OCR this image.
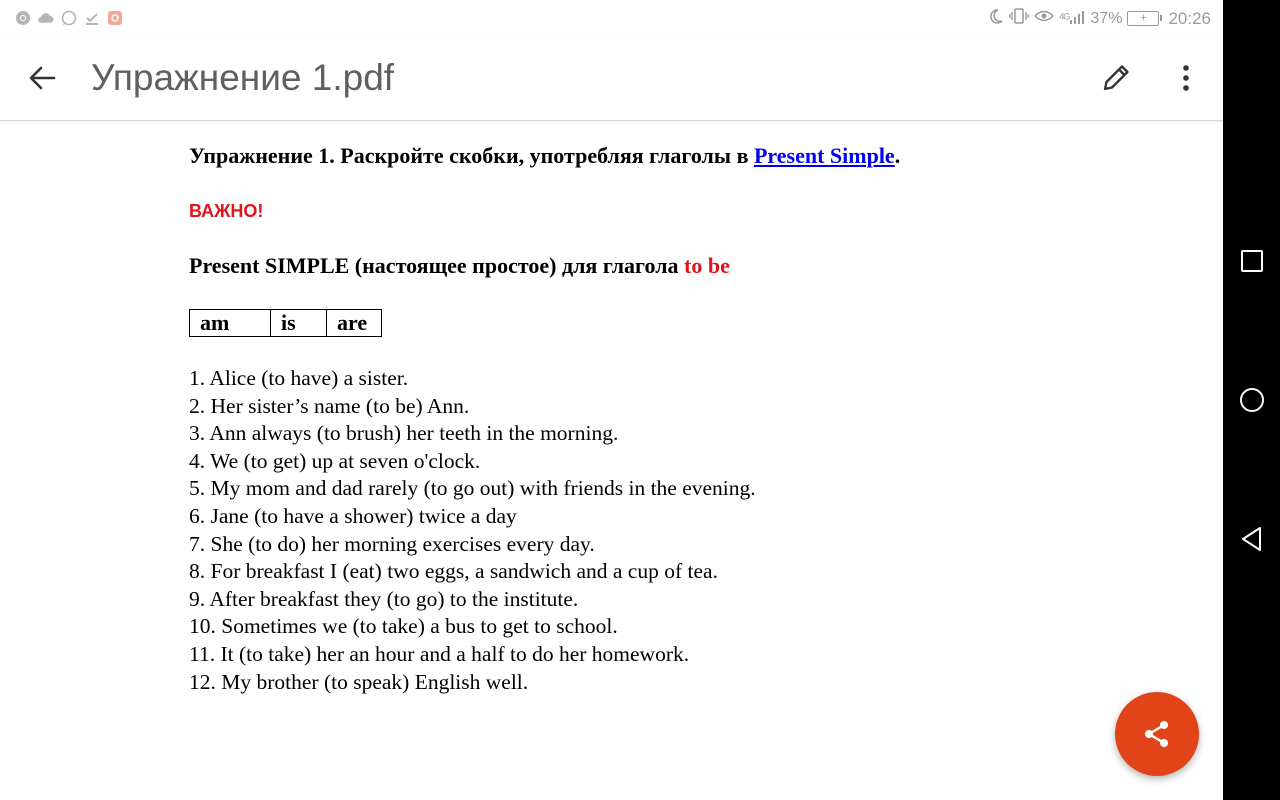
$^{4G}$	37%	+	20:26
Упражнение 1.pdf
Упражнение 1. Раскройте скобки, употребляя глаголы в Present Simple.
ВАЖНО!
Present SIMPLE (настоящее простое) для глагола to be
am	is	are
1. Alice (to have) a sister.
2. Her sister’s name (to be) Ann.
3. Ann always (to brush) her teeth in the morning.
4. We (to get) up at seven o'clock.
5. My mom and dad rarely (to go out) with friends in the evening.
6. Jane (to have a shower) twice a day
7. She (to do) her morning exercises every day.
8. For breakfast I (eat) two eggs, a sandwich and a cup of tea.
9. After breakfast they (to go) to the institute.
10. Sometimes we (to take) a bus to get to school.
11. It (to take) her an hour and a half to do her homework.
12. My brother (to speak) English well.
